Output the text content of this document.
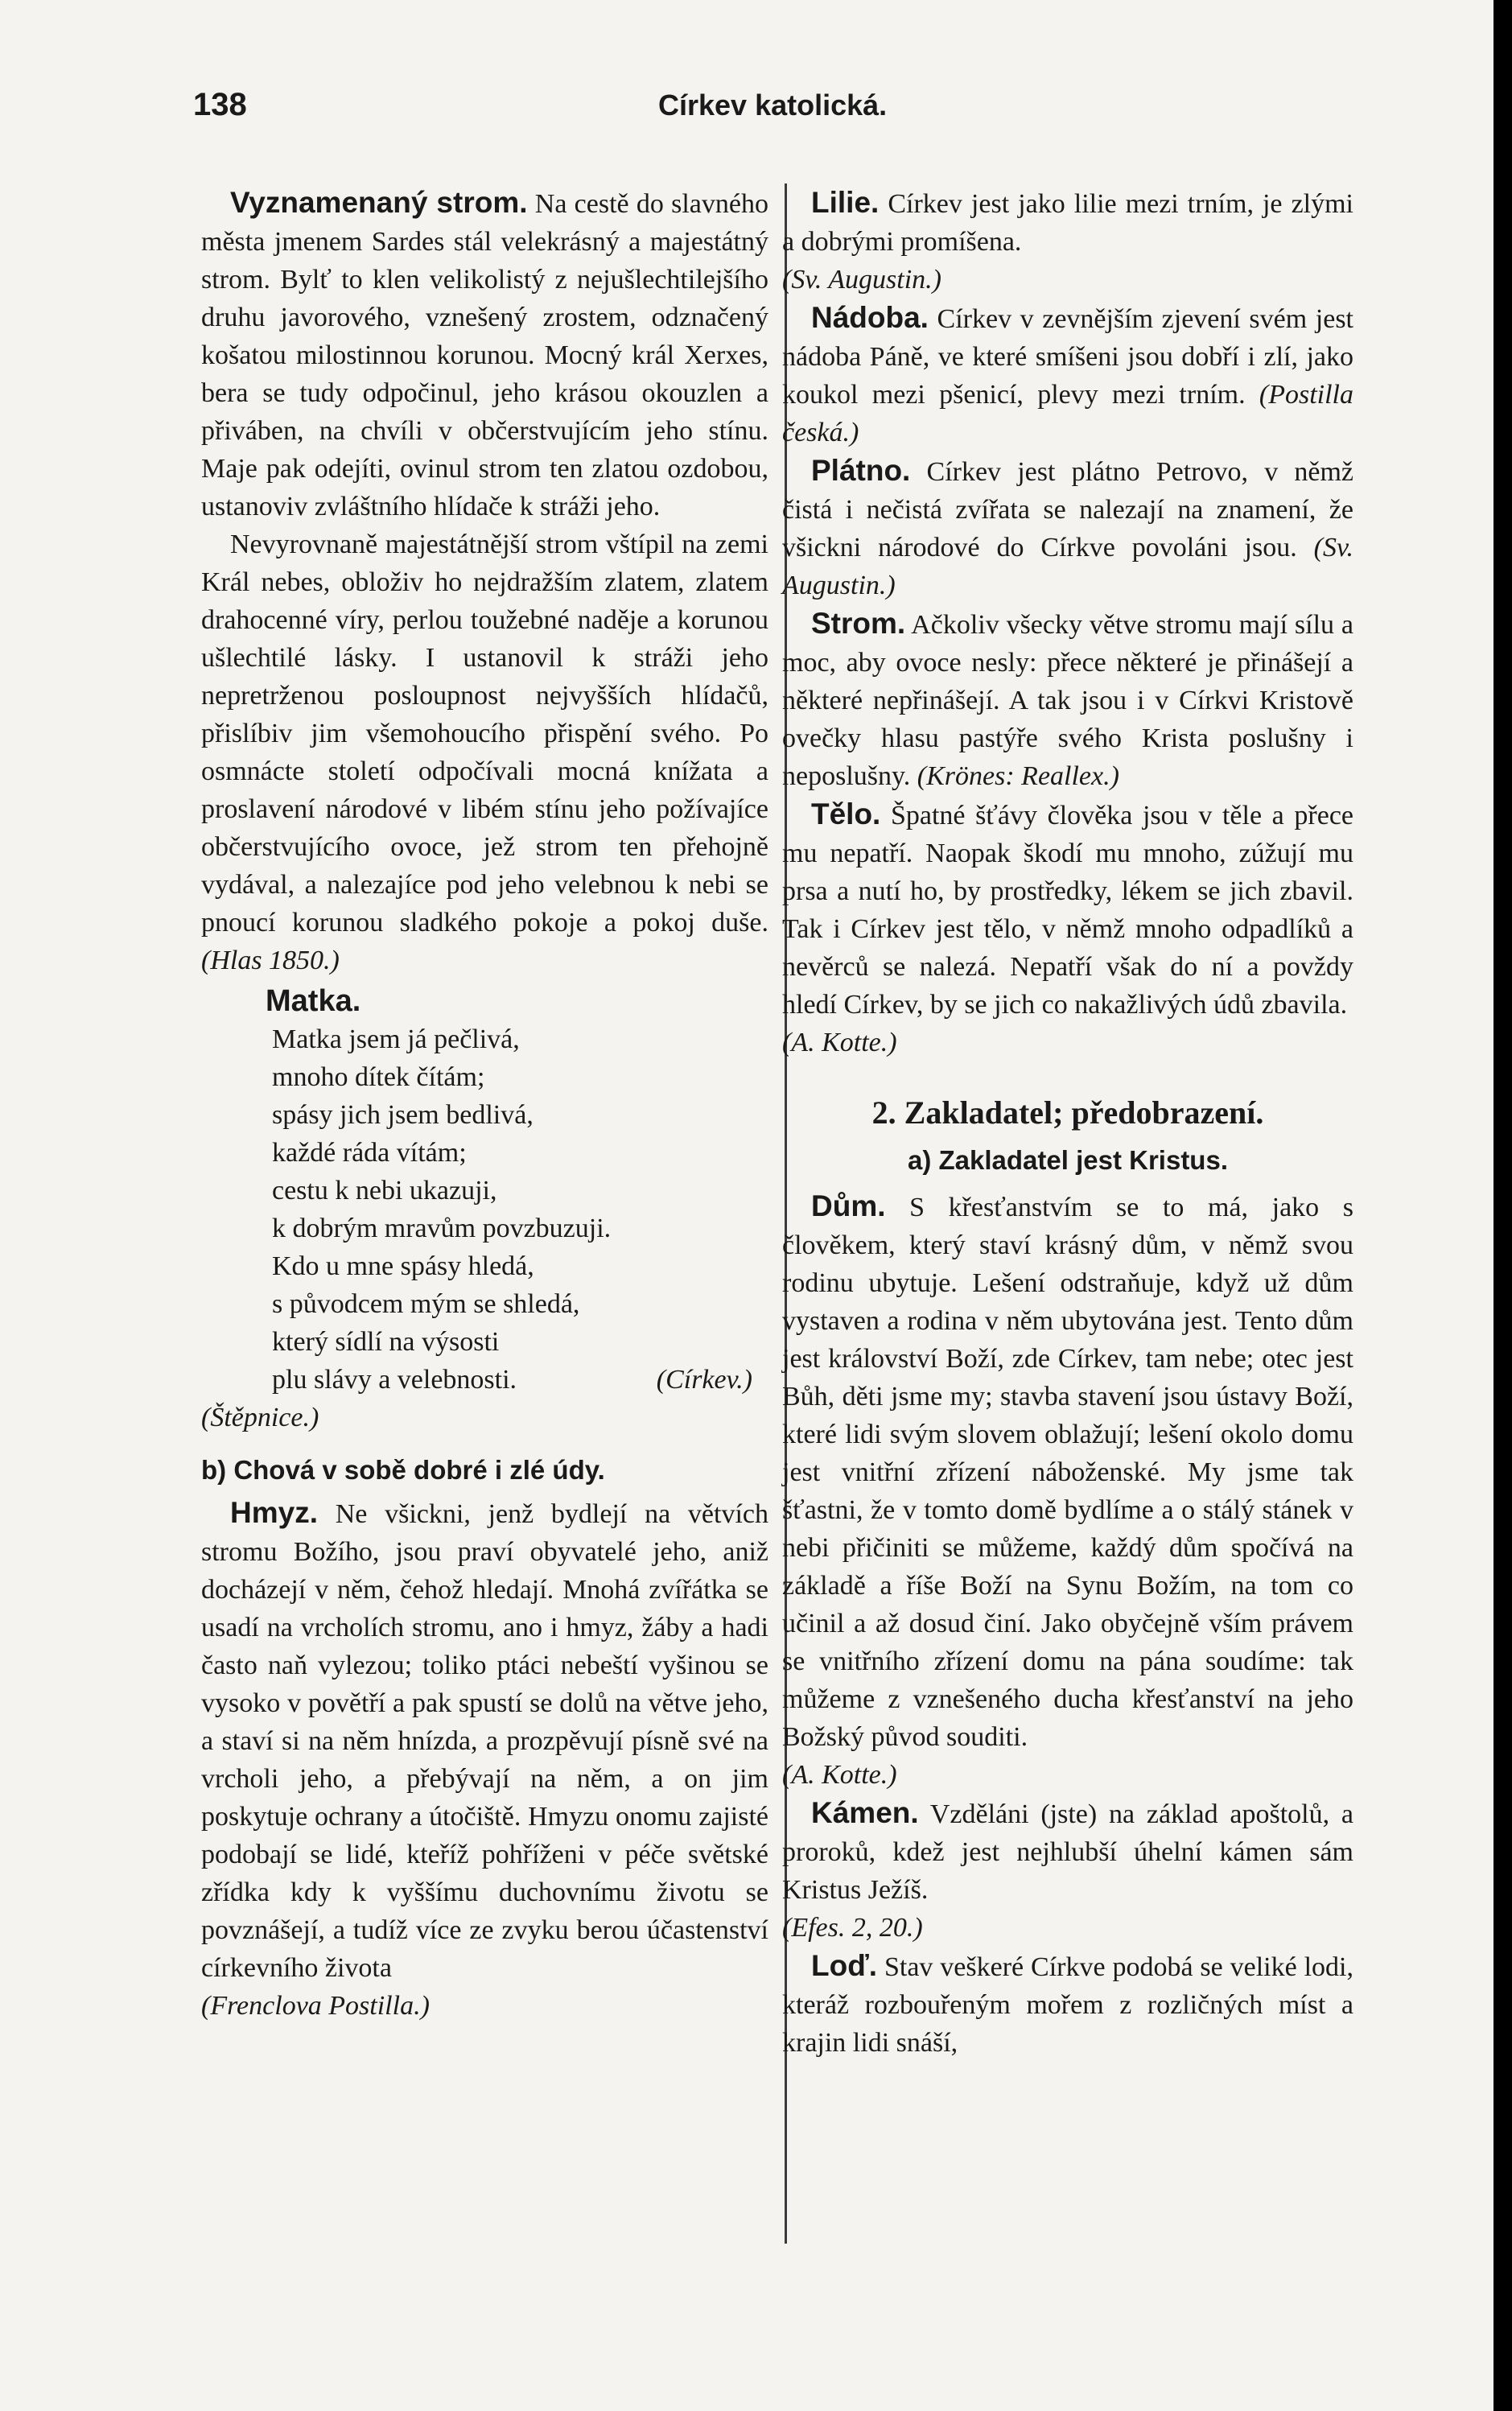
138	Církev katolická.

Vyznamenaný strom. Na cestě do slavného města jmenem Sardes stál velekrásný a majestátný strom. Bylť to klen velikolistý z nejušlechtilejšího druhu javorového, vznešený zrostem, odznačený košatou milostinnou korunou. Mocný král Xerxes, bera se tudy odpočinul, jeho krásou okouzlen a přiváben, na chvíli v občerstvujícím jeho stínu. Maje pak odejíti, ovinul strom ten zlatou ozdobou, ustanoviv zvláštního hlídače k stráži jeho.

Nevyrovnaně majestátnější strom vštípil na zemi Král nebes, obloživ ho nejdražším zlatem, zlatem drahocenné víry, perlou toužebné naděje a korunou ušlechtilé lásky. I ustanovil k stráži jeho nepretrženou posloupnost nejvyšších hlídačů, přislíbiv jim všemohoucího přispění svého. Po osmnácte století odpočívali mocná knížata a proslavení národové v libém stínu jeho požívajíce občerstvujícího ovoce, jež strom ten přehojně vydával, a nalezajíce pod jeho velebnou k nebi se pnoucí korunou sladkého pokoje a pokoj duše. (Hlas 1850.)

Matka.

Matka jsem já pečlivá,
mnoho dítek čítám;
spásy jich jsem bedlivá,
každé ráda vítám;
cestu k nebi ukazuji,
k dobrým mravům povzbuzuji.
Kdo u mne spásy hledá,
s původcem mým se shledá,
který sídlí na výsosti
plu slávy a velebnosti.	(Církev.)

(Štěpnice.)

b) Chová v sobě dobré i zlé údy.

Hmyz. Ne všickni, jenž bydlejí na větvích stromu Božího, jsou praví obyvatelé jeho, aniž docházejí v něm, čehož hledají. Mnohá zvířátka se usadí na vrcholích stromu, ano i hmyz, žáby a hadi často naň vylezou; toliko ptáci nebeští vyšinou se vysoko v povětří a pak spustí se dolů na větve jeho, a staví si na něm hnízda, a prozpěvují písně své na vrcholi jeho, a přebývají na něm, a on jim poskytuje ochrany a útočiště. Hmyzu onomu zajisté podobají se lidé, kteříž pohříženi v péče světské zřídka kdy k vyššímu duchovnímu životu se povznášejí, a tudíž více ze zvyku berou účastenství církevního života

(Frenclova Postilla.)

Lilie. Církev jest jako lilie mezi trním, je zlými a dobrými promíšena.

(Sv. Augustin.)

Nádoba. Církev v zevnějším zjevení svém jest nádoba Páně, ve které smíšeni jsou dobří i zlí, jako koukol mezi pšenicí, plevy mezi trním. (Postilla česká.)

Plátno. Církev jest plátno Petrovo, v němž čistá i nečistá zvířata se nalezají na znamení, že všickni národové do Církve povoláni jsou. (Sv. Augustin.)

Strom. Ačkoliv všecky větve stromu mají sílu a moc, aby ovoce nesly: přece některé je přinášejí a některé nepřinášejí. A tak jsou i v Církvi Kristově ovečky hlasu pastýře svého Krista poslušny i neposlušny. (Krönes: Reallex.)

Tělo. Špatné šťávy člověka jsou v těle a přece mu nepatří. Naopak škodí mu mnoho, zúžují mu prsa a nutí ho, by prostředky, lékem se jich zbavil. Tak i Církev jest tělo, v němž mnoho odpadlíků a nevěrců se nalezá. Nepatří však do ní a povždy hledí Církev, by se jich co nakažlivých údů zbavila.

(A. Kotte.)

2. Zakladatel; předobrazení.

a) Zakladatel jest Kristus.

Dům. S křesťanstvím se to má, jako s člověkem, který staví krásný dům, v němž svou rodinu ubytuje. Lešení odstraňuje, když už dům vystaven a rodina v něm ubytována jest. Tento dům jest království Boží, zde Církev, tam nebe; otec jest Bůh, děti jsme my; stavba stavení jsou ústavy Boží, které lidi svým slovem oblažují; lešení okolo domu jest vnitřní zřízení náboženské. My jsme tak šťastni, že v tomto domě bydlíme a o stálý stánek v nebi přičiniti se můžeme, každý dům spočívá na základě a říše Boží na Synu Božím, na tom co učinil a až dosud činí. Jako obyčejně vším právem se vnitřního zřízení domu na pána soudíme: tak můžeme z vznešeného ducha křesťanství na jeho Božský původ souditi.

(A. Kotte.)

Kámen. Vzděláni (jste) na základ apoštolů, a proroků, kdež jest nejhlubší úhelní kámen sám Kristus Ježíš.

(Efes. 2, 20.)

Loď. Stav veškeré Církve podobá se veliké lodi, kteráž rozbouřeným mořem z rozličných míst a krajin lidi snáší,
